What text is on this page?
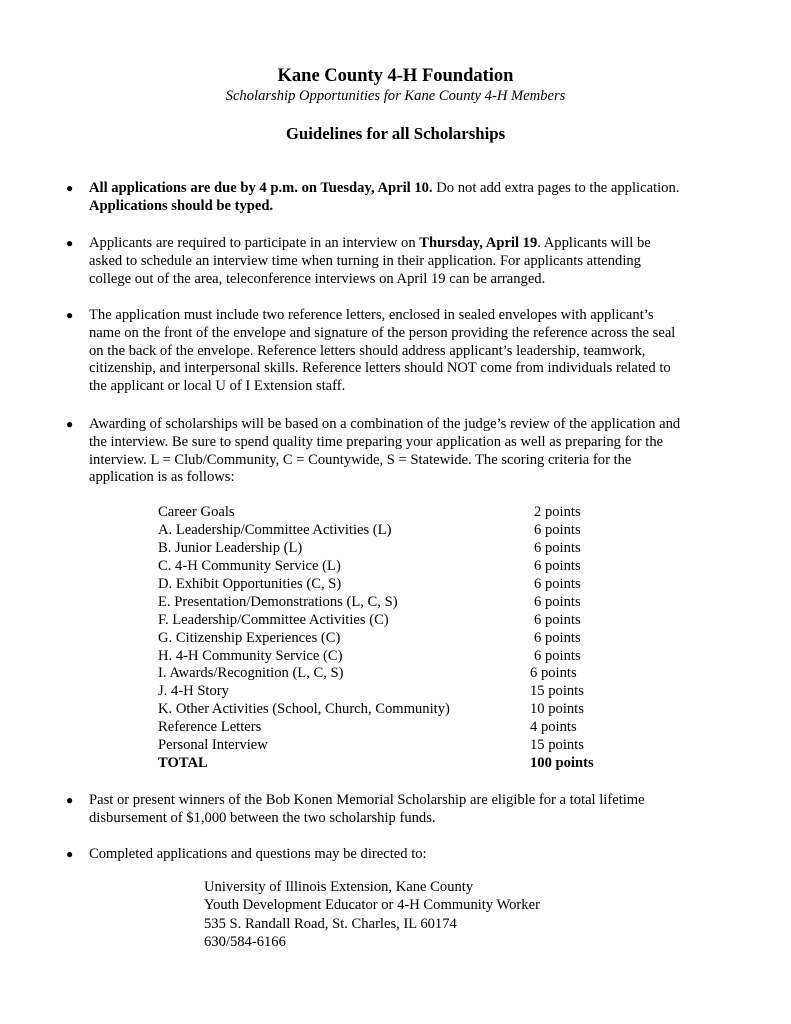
Kane County 4-H Foundation
Scholarship Opportunities for Kane County 4-H Members
Guidelines for all Scholarships
●	All applications are due by 4 p.m. on Tuesday, April 10. Do not add extra pages to the application.
Applications should be typed.
●	Applicants are required to participate in an interview on Thursday, April 19. Applicants will be
asked to schedule an interview time when turning in their application. For applicants attending
college out of the area, teleconference interviews on April 19 can be arranged.
●	The application must include two reference letters, enclosed in sealed envelopes with applicant’s
name on the front of the envelope and signature of the person providing the reference across the seal
on the back of the envelope. Reference letters should address applicant’s leadership, teamwork,
citizenship, and interpersonal skills. Reference letters should NOT come from individuals related to
the applicant or local U of I Extension staff.
●	Awarding of scholarships will be based on a combination of the judge’s review of the application and
the interview. Be sure to spend quality time preparing your application as well as preparing for the
interview. L = Club/Community, C = Countywide, S = Statewide. The scoring criteria for the
application is as follows:
Career Goals	2 points
A. Leadership/Committee Activities (L)	6 points
B. Junior Leadership (L)	6 points
C. 4-H Community Service (L)	6 points
D. Exhibit Opportunities (C, S)	6 points
E. Presentation/Demonstrations (L, C, S)	6 points
F. Leadership/Committee Activities (C)	6 points
G. Citizenship Experiences (C)	6 points
H. 4-H Community Service (C)	6 points
I. Awards/Recognition (L, C, S)	6 points
J. 4-H Story	15 points
K. Other Activities (School, Church, Community)	10 points
Reference Letters	4 points
Personal Interview	15 points
TOTAL	100 points
●	Past or present winners of the Bob Konen Memorial Scholarship are eligible for a total lifetime
disbursement of $1,000 between the two scholarship funds.
●	Completed applications and questions may be directed to:
University of Illinois Extension, Kane County
Youth Development Educator or 4-H Community Worker
535 S. Randall Road, St. Charles, IL 60174
630/584-6166
